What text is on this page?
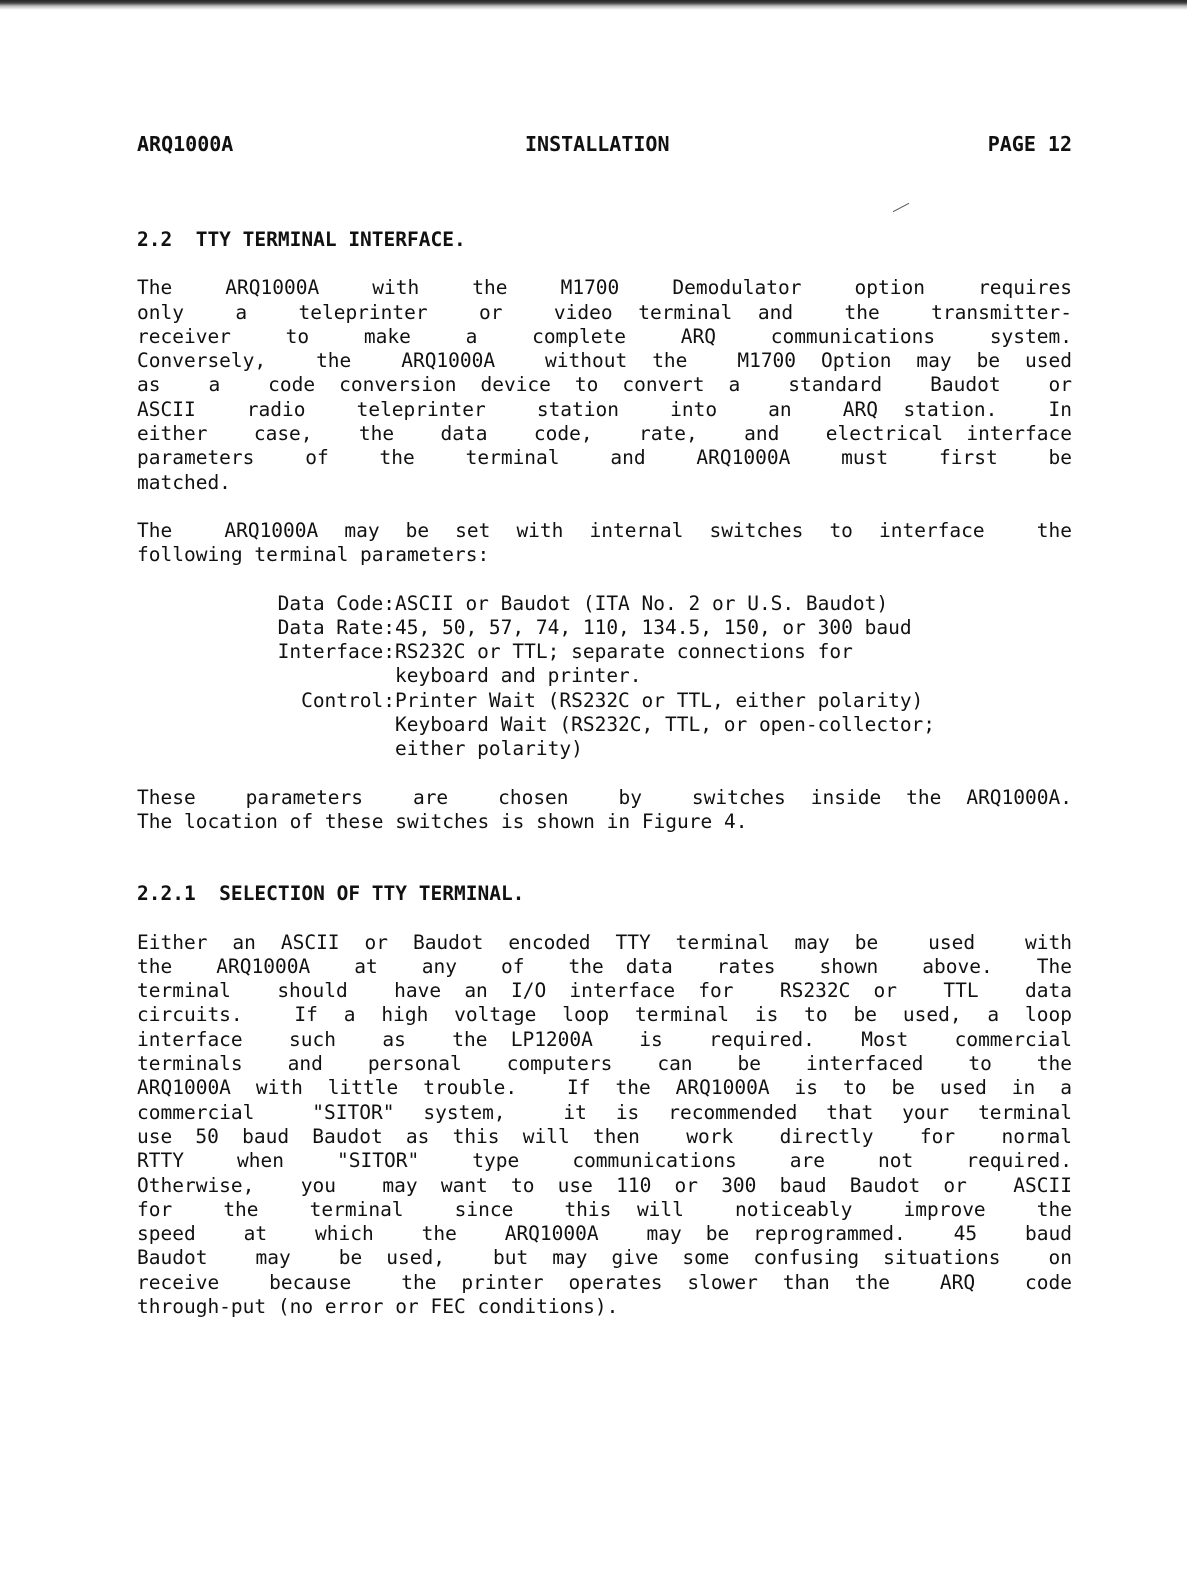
ARQ1000A	INSTALLATION	PAGE 12
2.2  TTY TERMINAL INTERFACE.
The  ARQ1000A  with  the  M1700  Demodulator  option  requires
only  a  teleprinter  or  video terminal and  the  transmitter-
receiver  to  make  a  complete  ARQ  communications  system.
Conversely,  the  ARQ1000A  without the  M1700 Option may be used
as  a  code conversion device to convert a  standard  Baudot  or
ASCII  radio  teleprinter  station  into  an  ARQ station.  In
either  case,  the  data  code,  rate,  and  electrical interface
parameters  of  the  terminal  and  ARQ1000A  must  first  be
matched.
The  ARQ1000A may be set with internal switches to interface  the
following terminal parameters:
Data Code: ASCII or Baudot (ITA No. 2 or U.S. Baudot)
Data Rate: 45, 50, 57, 74, 110, 134.5, 150, or 300 baud
Interface: RS232C or TTL; separate connections for
keyboard and printer.
Control: Printer Wait (RS232C or TTL, either polarity)
Keyboard Wait (RS232C, TTL, or open-collector;
either polarity)
These  parameters  are  chosen  by  switches inside the ARQ1000A.
The location of these switches is shown in Figure 4.
2.2.1  SELECTION OF TTY TERMINAL.
Either an ASCII or Baudot encoded TTY terminal may be  used  with
the  ARQ1000A  at  any  of  the data  rates  shown  above.  The
terminal  should  have an I/O interface for  RS232C or  TTL  data
circuits.  If a high voltage loop terminal is to be used, a loop
interface  such  as  the LP1200A  is  required.  Most  commercial
terminals  and  personal  computers  can  be  interfaced  to  the
ARQ1000A with little trouble.  If the ARQ1000A is to be used in a
commercial  "SITOR" system,  it is recommended that your terminal
use 50 baud Baudot as this will then  work  directly  for  normal
RTTY  when  "SITOR"  type  communications  are  not  required.
Otherwise,  you  may want to use 110 or 300 baud Baudot or  ASCII
for  the  terminal  since  this will  noticeably  improve  the
speed  at  which  the  ARQ1000A  may be reprogrammed.  45  baud
Baudot  may  be used,  but may give some confusing situations  on
receive  because  the printer operates slower than the  ARQ  code
through-put (no error or FEC conditions).
